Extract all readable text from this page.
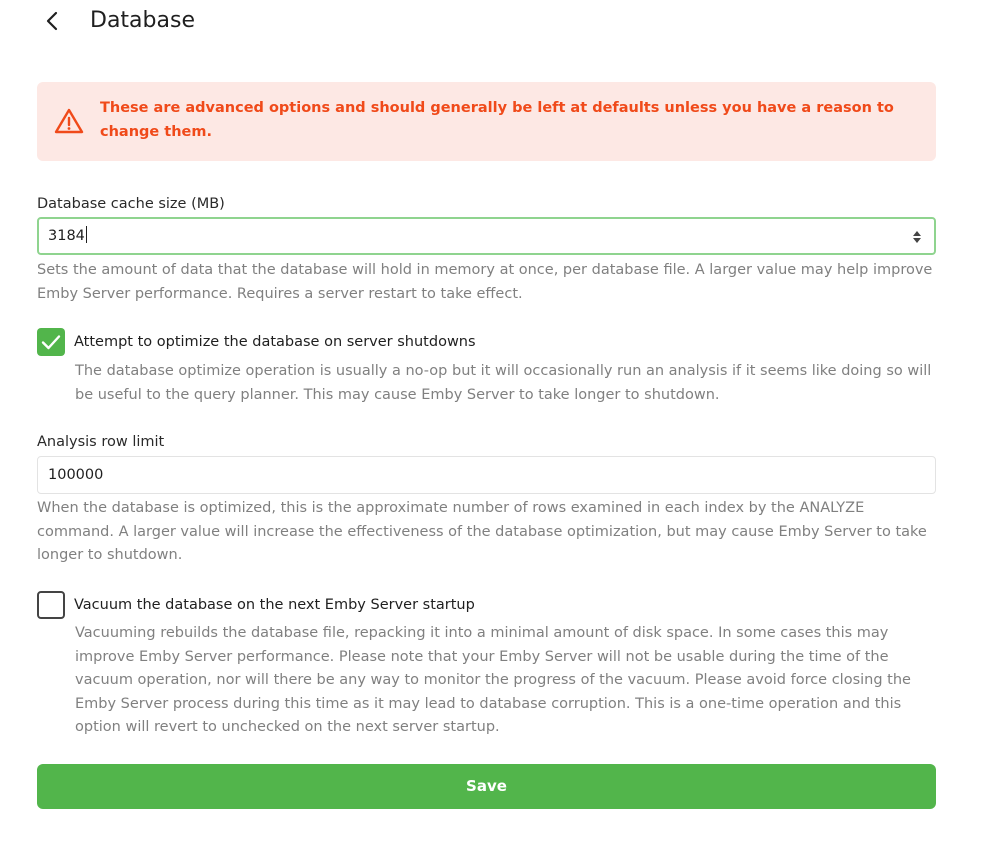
Database
These are advanced options and should generally be left at defaults unless you have a reason to change them.
Database cache size (MB)
3184
Sets the amount of data that the database will hold in memory at once, per database file. A larger value may help improve Emby Server performance. Requires a server restart to take effect.
Attempt to optimize the database on server shutdowns
The database optimize operation is usually a no-op but it will occasionally run an analysis if it seems like doing so will be useful to the query planner. This may cause Emby Server to take longer to shutdown.
Analysis row limit
100000
When the database is optimized, this is the approximate number of rows examined in each index by the ANALYZE command. A larger value will increase the effectiveness of the database optimization, but may cause Emby Server to take longer to shutdown.
Vacuum the database on the next Emby Server startup
Vacuuming rebuilds the database file, repacking it into a minimal amount of disk space. In some cases this may improve Emby Server performance. Please note that your Emby Server will not be usable during the time of the vacuum operation, nor will there be any way to monitor the progress of the vacuum. Please avoid force closing the Emby Server process during this time as it may lead to database corruption. This is a one-time operation and this option will revert to unchecked on the next server startup.
Save
